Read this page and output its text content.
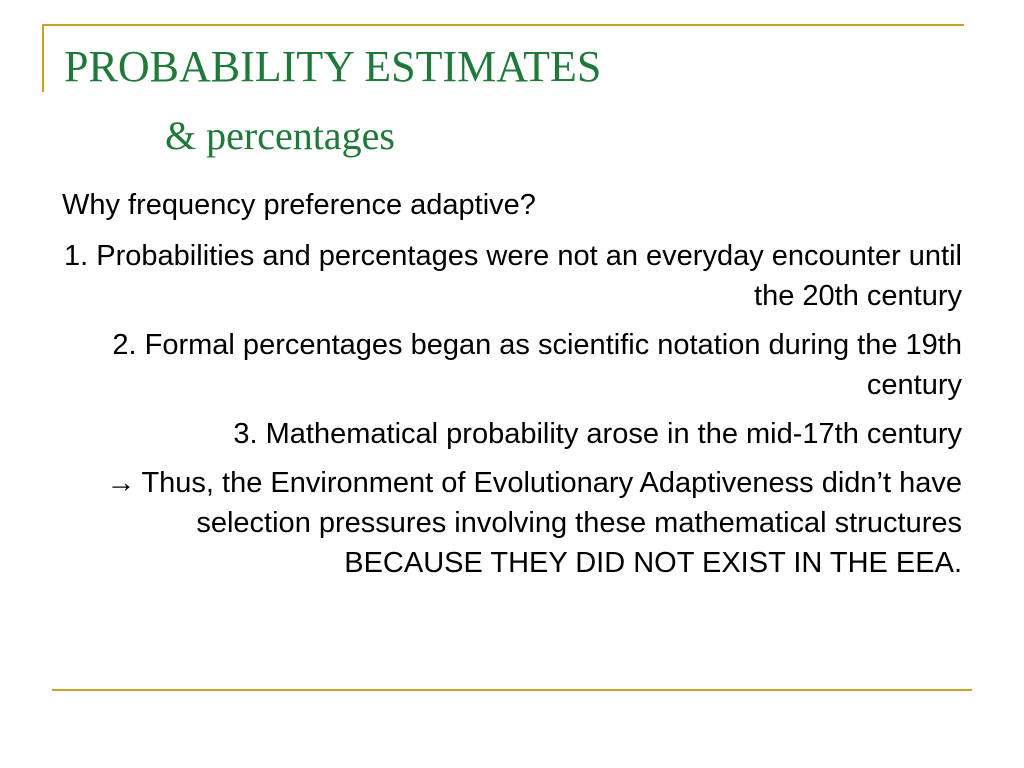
PROBABILITY ESTIMATES
& percentages

Why frequency preference adaptive?

1. Probabilities and percentages were not an everyday encounter until the 20th century
2. Formal percentages began as scientific notation during the 19th century
3. Mathematical probability arose in the mid-17th century
→ Thus, the Environment of Evolutionary Adaptiveness didn’t have selection pressures involving these mathematical structures BECAUSE THEY DID NOT EXIST IN THE EEA.
